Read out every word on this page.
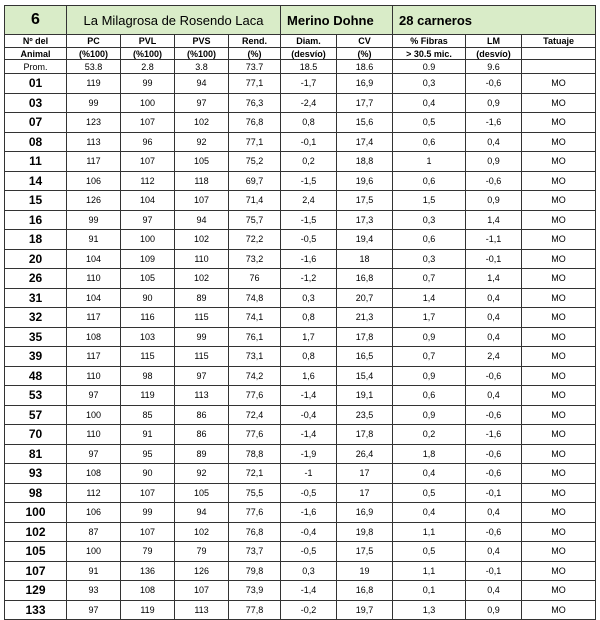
6	La Milagrosa de Rosendo Laca				Merino Dohne		28 carneros		
Nº del	PC	PVL	PVS	Rend.	Diam.	CV	% Fibras	LM	Tatuaje
Animal	(%100)	(%100)	(%100)	(%)	(desvío)	(%)	> 30.5 mic.	(desvío)	
Prom.	53.8	2.8	3.8	73.7	18.5	18.6	0.9	9.6	
01	119	99	94	77,1	-1,7	16,9	0,3	-0,6	MO
03	99	100	97	76,3	-2,4	17,7	0,4	0,9	MO
07	123	107	102	76,8	0,8	15,6	0,5	-1,6	MO
08	113	96	92	77,1	-0,1	17,4	0,6	0,4	MO
11	117	107	105	75,2	0,2	18,8	1	0,9	MO
14	106	112	118	69,7	-1,5	19,6	0,6	-0,6	MO
15	126	104	107	71,4	2,4	17,5	1,5	0,9	MO
16	99	97	94	75,7	-1,5	17,3	0,3	1,4	MO
18	91	100	102	72,2	-0,5	19,4	0,6	-1,1	MO
20	104	109	110	73,2	-1,6	18	0,3	-0,1	MO
26	110	105	102	76	-1,2	16,8	0,7	1,4	MO
31	104	90	89	74,8	0,3	20,7	1,4	0,4	MO
32	117	116	115	74,1	0,8	21,3	1,7	0,4	MO
35	108	103	99	76,1	1,7	17,8	0,9	0,4	MO
39	117	115	115	73,1	0,8	16,5	0,7	2,4	MO
48	110	98	97	74,2	1,6	15,4	0,9	-0,6	MO
53	97	119	113	77,6	-1,4	19,1	0,6	0,4	MO
57	100	85	86	72,4	-0,4	23,5	0,9	-0,6	MO
70	110	91	86	77,6	-1,4	17,8	0,2	-1,6	MO
81	97	95	89	78,8	-1,9	26,4	1,8	-0,6	MO
93	108	90	92	72,1	-1	17	0,4	-0,6	MO
98	112	107	105	75,5	-0,5	17	0,5	-0,1	MO
100	106	99	94	77,6	-1,6	16,9	0,4	0,4	MO
102	87	107	102	76,8	-0,4	19,8	1,1	-0,6	MO
105	100	79	79	73,7	-0,5	17,5	0,5	0,4	MO
107	91	136	126	79,8	0,3	19	1,1	-0,1	MO
129	93	108	107	73,9	-1,4	16,8	0,1	0,4	MO
133	97	119	113	77,8	-0,2	19,7	1,3	0,9	MO
